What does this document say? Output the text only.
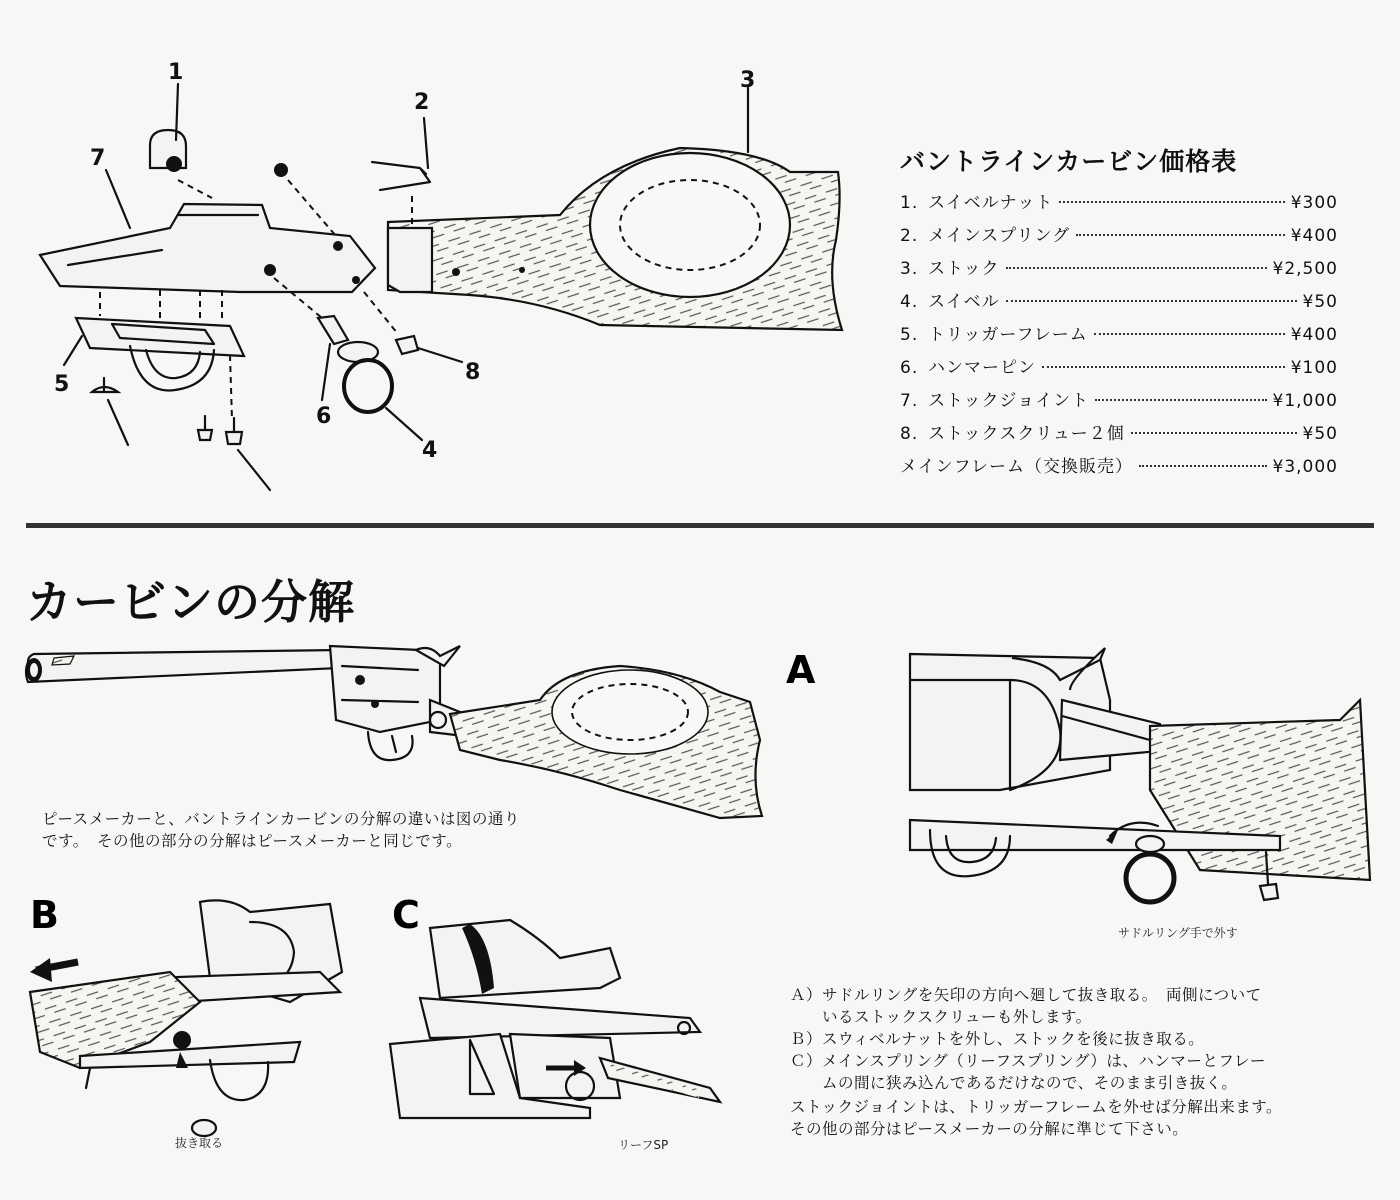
1
2
3
4
5
6
7
8
バントラインカービン価格表
1. スイベルナット	¥300
2. メインスプリング	¥400
3. ストック	¥2,500
4. スイベル	¥50
5. トリッガーフレーム	¥400
6. ハンマーピン	¥100
7. ストックジョイント	¥1,000
8. ストックスクリュー２個	¥50
メインフレーム（交換販売）	¥3,000
カービンの分解
ピースメーカーと、バントラインカービンの分解の違いは図の通り
です。　その他の部分の分解はピースメーカーと同じです。
A
サドルリング手で外す
B
抜き取る
C
リーフSP
Ａ）サドルリングを矢印の方向へ廻して抜き取る。　両側について
いるストックスクリューも外します。
Ｂ）スウィベルナットを外し、ストックを後に抜き取る。
Ｃ）メインスプリング（リーフスプリング）は、ハンマーとフレー
ムの間に狭み込んであるだけなので、そのまま引き抜く。
ストックジョイントは、トリッガーフレームを外せば分解出来ます。
その他の部分はピースメーカーの分解に準じて下さい。
